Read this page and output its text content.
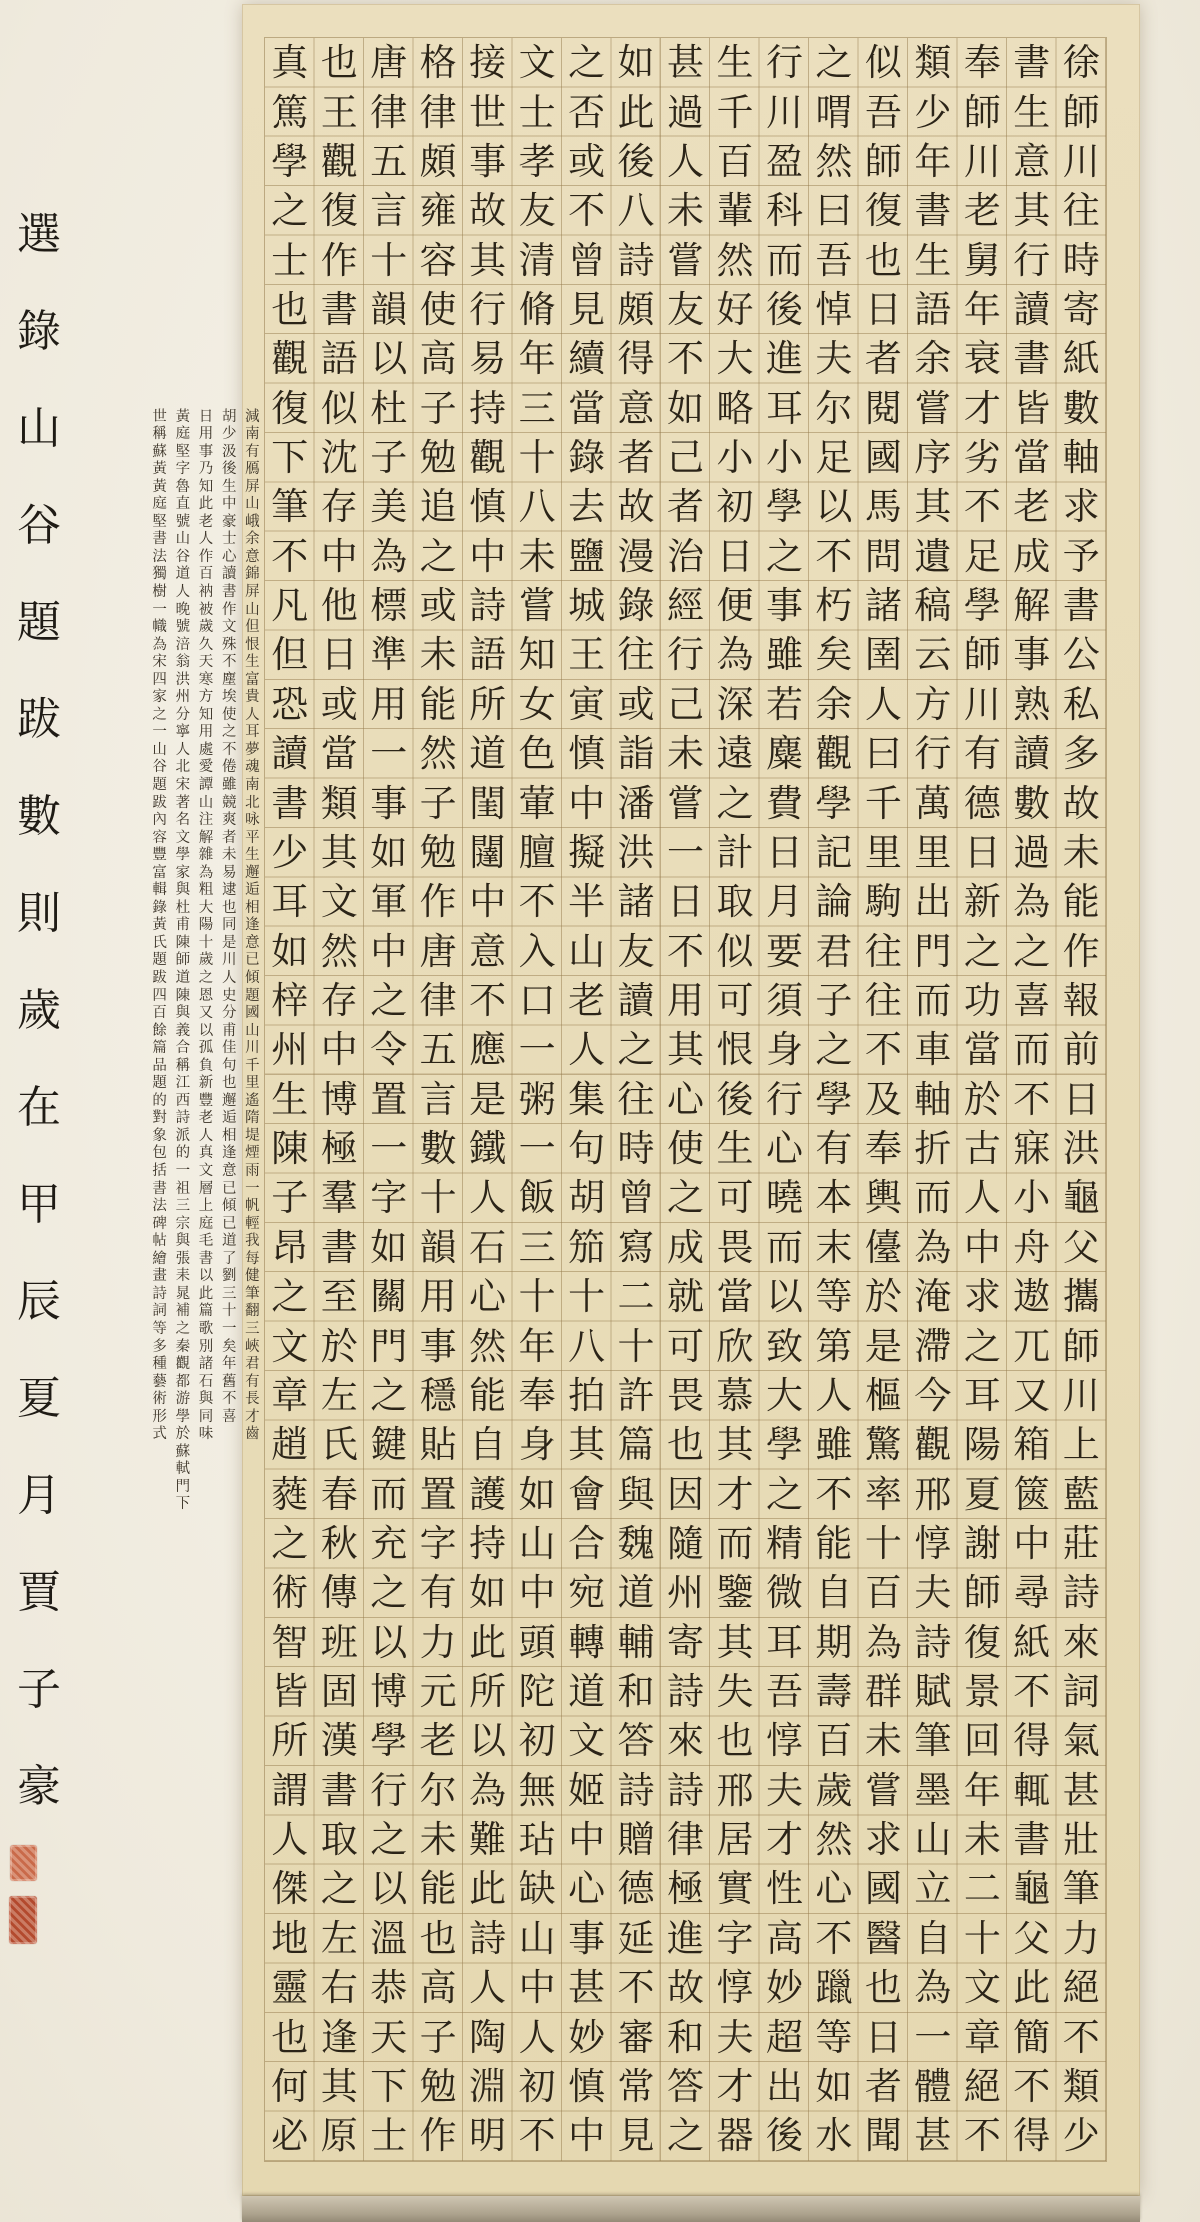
徐
師
川
往
時
寄
紙
數
軸
求
予
書
公
私
多
故
未
能
作
報
前
日
洪
龜
父
攜
師
川
上
藍
莊
詩
來
詞
氣
甚
壯
筆
力
絕
不
類
少
書
生
意
其
行
讀
書
皆
當
老
成
解
事
熟
讀
數
過
為
之
喜
而
不
寐
小
舟
遨
兀
又
箱
篋
中
尋
紙
不
得
輒
書
龜
父
此
簡
不
得
奉
師
川
老
舅
年
衰
才
劣
不
足
學
師
川
有
德
日
新
之
功
當
於
古
人
中
求
之
耳
陽
夏
謝
師
復
景
回
年
未
二
十
文
章
絕
不
類
少
年
書
生
語
余
嘗
序
其
遺
稿
云
方
行
萬
里
出
門
而
車
軸
折
而
為
淹
滯
今
觀
邢
惇
夫
詩
賦
筆
墨
山
立
自
為
一
體
甚
似
吾
師
復
也
日
者
閱
國
馬
問
諸
圉
人
曰
千
里
駒
往
往
不
及
奉
輿
儓
於
是
樞
驚
率
十
百
為
群
未
嘗
求
國
醫
也
日
者
聞
之
喟
然
曰
吾
悼
夫
尔
足
以
不
朽
矣
余
觀
學
記
論
君
子
之
學
有
本
末
等
第
人
雖
不
能
自
期
壽
百
歲
然
心
不
躐
等
如
水
行
川
盈
科
而
後
進
耳
小
學
之
事
雖
若
麋
費
日
月
要
須
身
行
心
曉
而
以
致
大
學
之
精
微
耳
吾
惇
夫
才
性
高
妙
超
出
後
生
千
百
輩
然
好
大
略
小
初
日
便
為
深
遠
之
計
取
似
可
恨
後
生
可
畏
當
欣
慕
其
才
而
鑒
其
失
也
邢
居
實
字
惇
夫
才
器
甚
過
人
未
嘗
友
不
如
己
者
治
經
行
己
未
嘗
一
日
不
用
其
心
使
之
成
就
可
畏
也
因
隨
州
寄
詩
來
詩
律
極
進
故
和
答
之
如
此
後
八
詩
頗
得
意
者
故
漫
錄
往
或
詣
潘
洪
諸
友
讀
之
往
時
曾
寫
二
十
許
篇
與
魏
道
輔
和
答
詩
贈
德
延
不
審
常
見
之
否
或
不
曾
見
續
當
錄
去
鹽
城
王
寅
慎
中
擬
半
山
老
人
集
句
胡
笳
十
八
拍
其
會
合
宛
轉
道
文
姬
中
心
事
甚
妙
慎
中
文
士
孝
友
清
脩
年
三
十
八
未
嘗
知
女
色
葷
膻
不
入
口
一
粥
一
飯
三
十
年
奉
身
如
山
中
頭
陀
初
無
玷
缺
山
中
人
初
不
接
世
事
故
其
行
易
持
觀
慎
中
詩
語
所
道
閨
闥
中
意
不
應
是
鐵
人
石
心
然
能
自
護
持
如
此
所
以
為
難
此
詩
人
陶
淵
明
格
律
頗
雍
容
使
高
子
勉
追
之
或
未
能
然
子
勉
作
唐
律
五
言
數
十
韻
用
事
穩
貼
置
字
有
力
元
老
尔
未
能
也
高
子
勉
作
唐
律
五
言
十
韻
以
杜
子
美
為
標
準
用
一
事
如
軍
中
之
令
置
一
字
如
關
門
之
鍵
而
充
之
以
博
學
行
之
以
溫
恭
天
下
士
也
王
觀
復
作
書
語
似
沈
存
中
他
日
或
當
類
其
文
然
存
中
博
極
羣
書
至
於
左
氏
春
秋
傳
班
固
漢
書
取
之
左
右
逢
其
原
真
篤
學
之
士
也
觀
復
下
筆
不
凡
但
恐
讀
書
少
耳
如
梓
州
生
陳
子
昂
之
文
章
趙
蕤
之
術
智
皆
所
謂
人
傑
地
靈
也
何
必
減
南
有
鴈
屏
山
峨
余
意
錦
屏
山
但
恨
生
富
貴
人
耳
夢
魂
南
北
咏
平
生
邂
逅
相
逢
意
已
傾
題
國
山
川
千
里
遙
隋
堤
煙
雨
一
帆
輕
我
每
健
筆
翻
三
峽
君
有
長
才
齒
胡
少
汲
後
生
中
豪
士
心
讀
書
作
文
殊
不
塵
埃
使
之
不
倦
雖
競
爽
者
未
易
逮
也
同
是
川
人
史
分
甫
佳
句
也
邂
逅
相
逢
意
已
傾
已
道
了
劉
三
十
一
矣
年
舊
不
喜
日
用
事
乃
知
此
老
人
作
百
衲
被
歲
久
天
寒
方
知
用
處
愛
譚
山
注
解
雜
為
粗
大
陽
十
歲
之
恩
又
以
孤
負
新
豐
老
人
真
文
層
上
庭
毛
書
以
此
篇
歌
別
諸
石
與
同
味
黃
庭
堅
字
魯
直
號
山
谷
道
人
晚
號
涪
翁
洪
州
分
寧
人
北
宋
著
名
文
學
家
與
杜
甫
陳
師
道
陳
與
義
合
稱
江
西
詩
派
的
一
祖
三
宗
與
張
耒
晁
補
之
秦
觀
都
游
學
於
蘇
軾
門
下
世
稱
蘇
黃
黃
庭
堅
書
法
獨
樹
一
幟
為
宋
四
家
之
一
山
谷
題
跋
內
容
豐
富
輯
錄
黃
氏
題
跋
四
百
餘
篇
品
題
的
對
象
包
括
書
法
碑
帖
繪
畫
詩
詞
等
多
種
藝
術
形
式
選
錄
山
谷
題
跋
數
則
歲
在
甲
辰
夏
月
賈
子
豪
